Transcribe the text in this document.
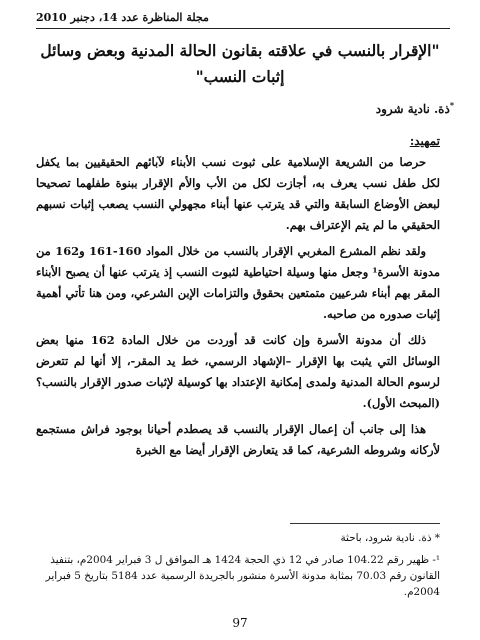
مجلة المناظرة عدد 14، دجنبر 2010
"الإقرار بالنسب في علاقته بقانون الحالة المدنية وبعض وسائل إثبات النسب"
*ذة. نادية شرود
تمهيد:

حرصا من الشريعة الإسلامية على ثبوت نسب الأبناء لآبائهم الحقيقيين بما يكفل لكل طفل نسب يعرف به، أجازت لكل من الأب والأم الإقرار ببنوة طفلهما تصحيحا لبعض الأوضاع السابقة والتي قد يترتب عنها أبناء مجهولي النسب يصعب إثبات نسبهم الحقيقي ما لم يتم الإعتراف بهم.

ولقد نظم المشرع المغربي الإقرار بالنسب من خلال المواد 160-161 و162 من مدونة الأسرة¹ وجعل منها وسيلة احتياطية لثبوت النسب إذ يترتب عنها أن يصبح الأبناء المقر بهم أبناء شرعيين متمتعين بحقوق والتزامات الإبن الشرعي، ومن هنا تأتي أهمية إثبات صدوره من صاحبه.

ذلك أن مدونة الأسرة وإن كانت قد أوردت من خلال المادة 162 منها بعض الوسائل التي يثبت بها الإقرار –الإشهاد الرسمي، خط يد المقر-، إلا أنها لم تتعرض لرسوم الحالة المدنية ولمدى إمكانية الإعتداد بها كوسيلة لإثبات صدور الإقرار بالنسب؟ (المبحث الأول).

هذا إلى جانب أن إعمال الإقرار بالنسب قد يصطدم أحيانا بوجود فراش مستجمع لأركانه وشروطه الشرعية، كما قد يتعارض الإقرار أيضا مع الخبرة

* ذة. نادية شرود، باحثة
¹- ظهير رقم 104.22 صادر في 12 ذي الحجة 1424 هـ الموافق ل 3 فبراير 2004م، بتنفيذ القانون رقم 70.03 بمثابة مدونة الأسرة منشور بالجريدة الرسمية عدد 5184 بتاريخ 5 فبراير 2004م.
97
